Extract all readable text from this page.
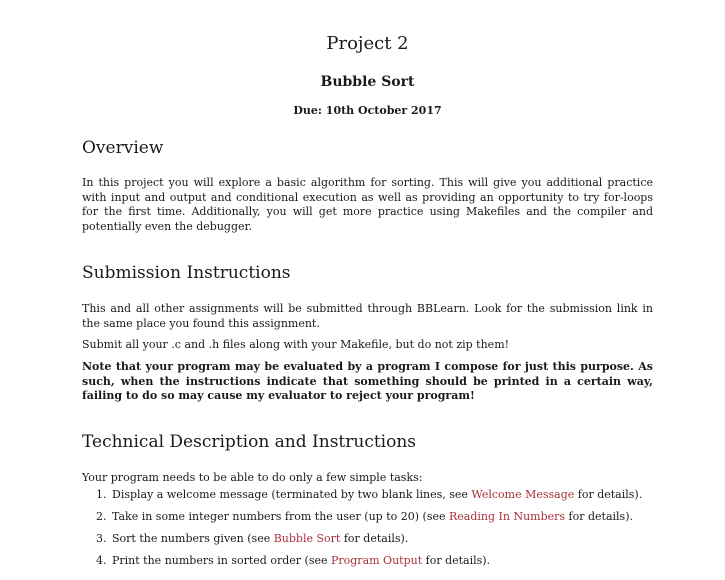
Project 2
Bubble Sort
Due: 10th October 2017
Overview

In this project you will explore a basic algorithm for sorting. This will give you additional practice with input and output and conditional execution as well as providing an opportunity to try for-loops for the first time. Additionally, you will get more practice using Makefiles and the compiler and potentially even the debugger.

Submission Instructions

This and all other assignments will be submitted through BBLearn. Look for the submission link in the same place you found this assignment.

Submit all your .c and .h files along with your Makefile, but do not zip them!

Note that your program may be evaluated by a program I compose for just this purpose. As such, when the instructions indicate that something should be printed in a certain way, failing to do so may cause my evaluator to reject your program!

Technical Description and Instructions

Your program needs to be able to do only a few simple tasks:

1. Display a welcome message (terminated by two blank lines, see Welcome Message for details).
2. Take in some integer numbers from the user (up to 20) (see Reading In Numbers for details).
3. Sort the numbers given (see Bubble Sort for details).
4. Print the numbers in sorted order (see Program Output for details).
